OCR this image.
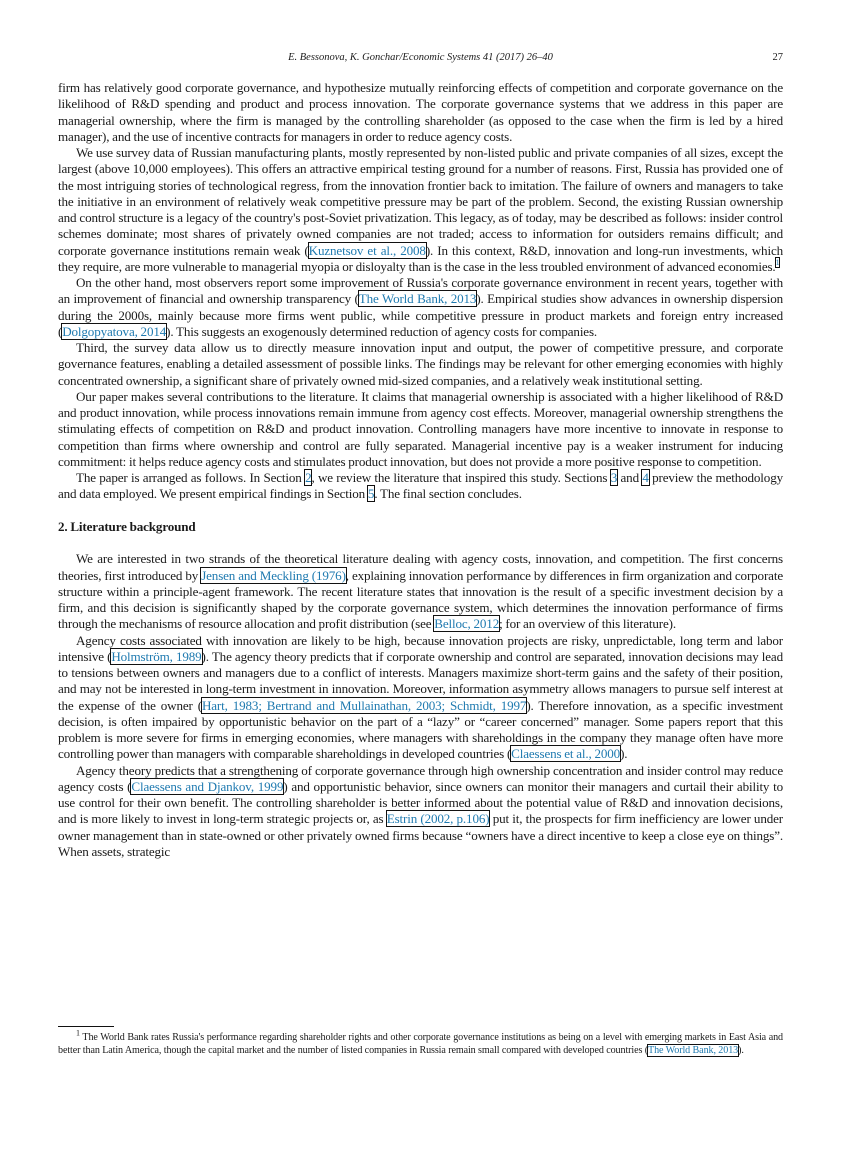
E. Bessonova, K. Gonchar/Economic Systems 41 (2017) 26–40	27

firm has relatively good corporate governance, and hypothesize mutually reinforcing effects of competition and corporate governance on the likelihood of R&D spending and product and process innovation. The corporate governance systems that we address in this paper are managerial ownership, where the firm is managed by the controlling shareholder (as opposed to the case when the firm is led by a hired manager), and the use of incentive contracts for managers in order to reduce agency costs.

We use survey data of Russian manufacturing plants, mostly represented by non-listed public and private companies of all sizes, except the largest (above 10,000 employees). This offers an attractive empirical testing ground for a number of reasons. First, Russia has provided one of the most intriguing stories of technological regress, from the innovation frontier back to imitation. The failure of owners and managers to take the initiative in an environment of relatively weak competitive pressure may be part of the problem. Second, the existing Russian ownership and control structure is a legacy of the country's post-Soviet privatization. This legacy, as of today, may be described as follows: insider control schemes dominate; most shares of privately owned companies are not traded; access to information for outsiders remains difficult; and corporate governance institutions remain weak (Kuznetsov et al., 2008). In this context, R&D, innovation and long-run investments, which they require, are more vulnerable to managerial myopia or disloyalty than is the case in the less troubled environment of advanced economies.$^1$

On the other hand, most observers report some improvement of Russia's corporate governance environment in recent years, together with an improvement of financial and ownership transparency (The World Bank, 2013). Empirical studies show advances in ownership dispersion during the 2000s, mainly because more firms went public, while competitive pressure in product markets and foreign entry increased (Dolgopyatova, 2014). This suggests an exogenously determined reduction of agency costs for companies.

Third, the survey data allow us to directly measure innovation input and output, the power of competitive pressure, and corporate governance features, enabling a detailed assessment of possible links. The findings may be relevant for other emerging economies with highly concentrated ownership, a significant share of privately owned mid-sized companies, and a relatively weak institutional setting.

Our paper makes several contributions to the literature. It claims that managerial ownership is associated with a higher likelihood of R&D and product innovation, while process innovations remain immune from agency cost effects. Moreover, managerial ownership strengthens the stimulating effects of competition on R&D and product innovation. Controlling managers have more incentive to innovate in response to competition than firms where ownership and control are fully separated. Managerial incentive pay is a weaker instrument for inducing commitment: it helps reduce agency costs and stimulates product innovation, but does not provide a more positive response to competition.

The paper is arranged as follows. In Section 2, we review the literature that inspired this study. Sections 3 and 4 preview the methodology and data employed. We present empirical findings in Section 5. The final section concludes.

2. Literature background

We are interested in two strands of the theoretical literature dealing with agency costs, innovation, and competition. The first concerns theories, first introduced by Jensen and Meckling (1976), explaining innovation performance by differences in firm organization and corporate structure within a principle-agent framework. The recent literature states that innovation is the result of a specific investment decision by a firm, and this decision is significantly shaped by the corporate governance system, which determines the innovation performance of firms through the mechanisms of resource allocation and profit distribution (see Belloc, 2012; for an overview of this literature).

Agency costs associated with innovation are likely to be high, because innovation projects are risky, unpredictable, long term and labor intensive (Holmström, 1989). The agency theory predicts that if corporate ownership and control are separated, innovation decisions may lead to tensions between owners and managers due to a conflict of interests. Managers maximize short-term gains and the safety of their position, and may not be interested in long-term investment in innovation. Moreover, information asymmetry allows managers to pursue self interest at the expense of the owner (Hart, 1983; Bertrand and Mullainathan, 2003; Schmidt, 1997). Therefore innovation, as a specific investment decision, is often impaired by opportunistic behavior on the part of a “lazy” or “career concerned” manager. Some papers report that this problem is more severe for firms in emerging economies, where managers with shareholdings in the company they manage often have more controlling power than managers with comparable shareholdings in developed countries (Claessens et al., 2000).

Agency theory predicts that a strengthening of corporate governance through high ownership concentration and insider control may reduce agency costs (Claessens and Djankov, 1999) and opportunistic behavior, since owners can monitor their managers and curtail their ability to use control for their own benefit. The controlling shareholder is better informed about the potential value of R&D and innovation decisions, and is more likely to invest in long-term strategic projects or, as Estrin (2002, p.106) put it, the prospects for firm inefficiency are lower under owner management than in state-owned or other privately owned firms because “owners have a direct incentive to keep a close eye on things”. When assets, strategic

$^1$ The World Bank rates Russia's performance regarding shareholder rights and other corporate governance institutions as being on a level with emerging markets in East Asia and better than Latin America, though the capital market and the number of listed companies in Russia remain small compared with developed countries (The World Bank, 2013).
